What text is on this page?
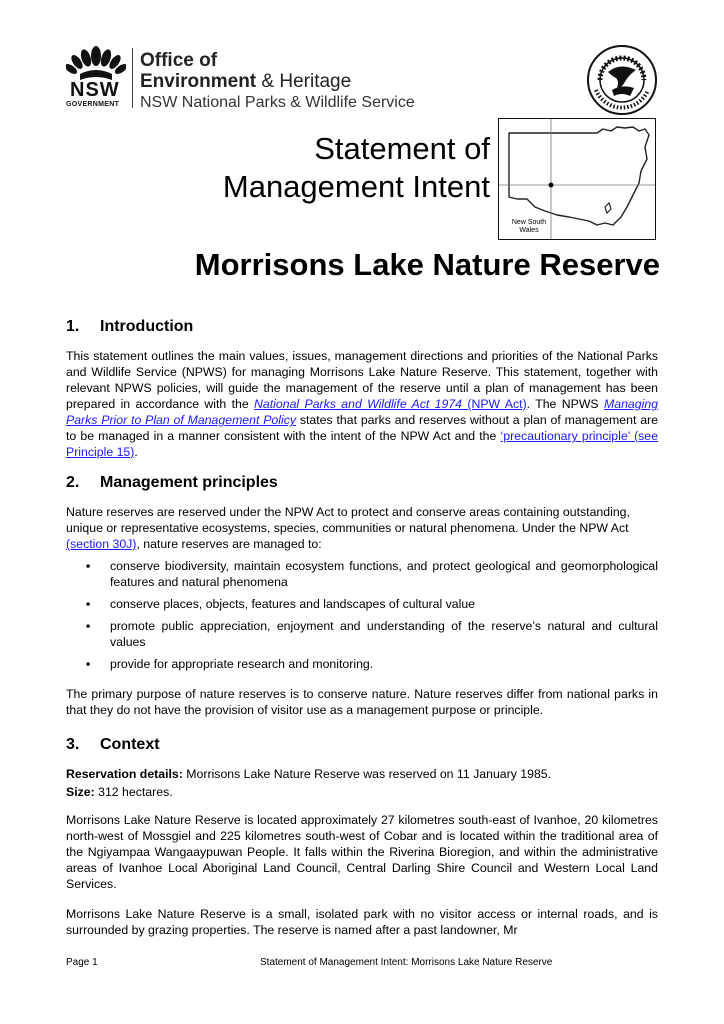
NSW
GOVERNMENT
Office of
Environment & Heritage
NSW National Parks & Wildlife Service
Statement of
Management Intent
New South
Wales
Morrisons Lake Nature Reserve
1. Introduction

This statement outlines the main values, issues, management directions and priorities of the National Parks and Wildlife Service (NPWS) for managing Morrisons Lake Nature Reserve. This statement, together with relevant NPWS policies, will guide the management of the reserve until a plan of management has been prepared in accordance with the National Parks and Wildlife Act 1974 (NPW Act). The NPWS Managing Parks Prior to Plan of Management Policy states that parks and reserves without a plan of management are to be managed in a manner consistent with the intent of the NPW Act and the ‘precautionary principle’ (see Principle 15).

2. Management principles

Nature reserves are reserved under the NPW Act to protect and conserve areas containing outstanding, unique or representative ecosystems, species, communities or natural phenomena. Under the NPW Act (section 30J), nature reserves are managed to:

▪ conserve biodiversity, maintain ecosystem functions, and protect geological and geomorphological features and natural phenomena
▪ conserve places, objects, features and landscapes of cultural value
▪ promote public appreciation, enjoyment and understanding of the reserve’s natural and cultural values
▪ provide for appropriate research and monitoring.

The primary purpose of nature reserves is to conserve nature. Nature reserves differ from national parks in that they do not have the provision of visitor use as a management purpose or principle.

3. Context

Reservation details: Morrisons Lake Nature Reserve was reserved on 11 January 1985.

Size: 312 hectares.

Morrisons Lake Nature Reserve is located approximately 27 kilometres south-east of Ivanhoe, 20 kilometres north-west of Mossgiel and 225 kilometres south-west of Cobar and is located within the traditional area of the Ngiyampaa Wangaaypuwan People. It falls within the Riverina Bioregion, and within the administrative areas of Ivanhoe Local Aboriginal Land Council, Central Darling Shire Council and Western Local Land Services.

Morrisons Lake Nature Reserve is a small, isolated park with no visitor access or internal roads, and is surrounded by grazing properties. The reserve is named after a past landowner, Mr

Page 1	Statement of Management Intent: Morrisons Lake Nature Reserve
